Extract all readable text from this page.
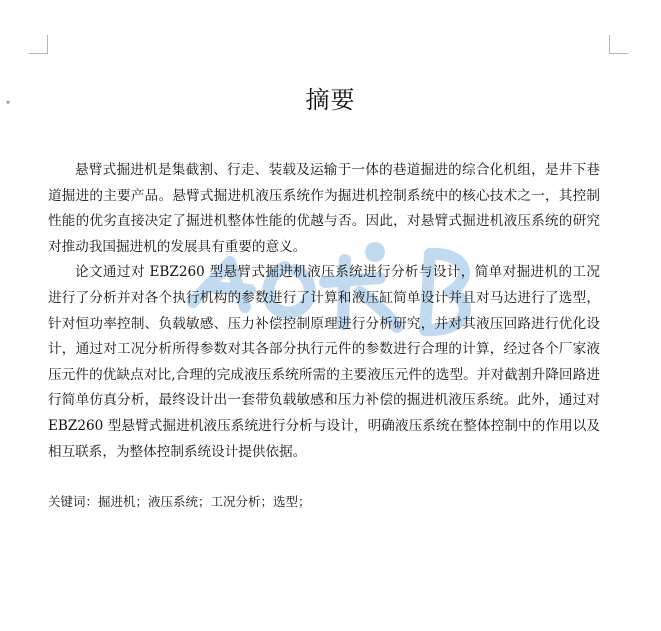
▾	摘要

悬臂式掘进机是集截割、行走、装载及运输于一体的巷道掘进的综合化机组，是井下巷道掘进的主要产品。悬臂式掘进机液压系统作为掘进机控制系统中的核心技术之一，其控制性能的优劣直接决定了掘进机整体性能的优越与否。因此，对悬臂式掘进机液压系统的研究对推动我国掘进机的发展具有重要的意义。

论文通过对 EBZ260 型悬臂式掘进机液压系统进行分析与设计，简单对掘进机的工况进行了分析并对各个执行机构的参数进行了计算和液压缸简单设计并且对马达进行了选型，针对恒功率控制、负载敏感、压力补偿控制原理进行分析研究，并对其液压回路进行优化设计，通过对工况分析所得参数对其各部分执行元件的参数进行合理的计算，经过各个厂家液压元件的优缺点对比,合理的完成液压系统所需的主要液压元件的选型。并对截割升降回路进行简单仿真分析，最终设计出一套带负载敏感和压力补偿的掘进机液压系统。此外，通过对 EBZ260 型悬臂式掘进机液压系统进行分析与设计，明确液压系统在整体控制中的作用以及相互联系，为整体控制系统设计提供依据。

关键词：掘进机；液压系统；工况分析；选型；
